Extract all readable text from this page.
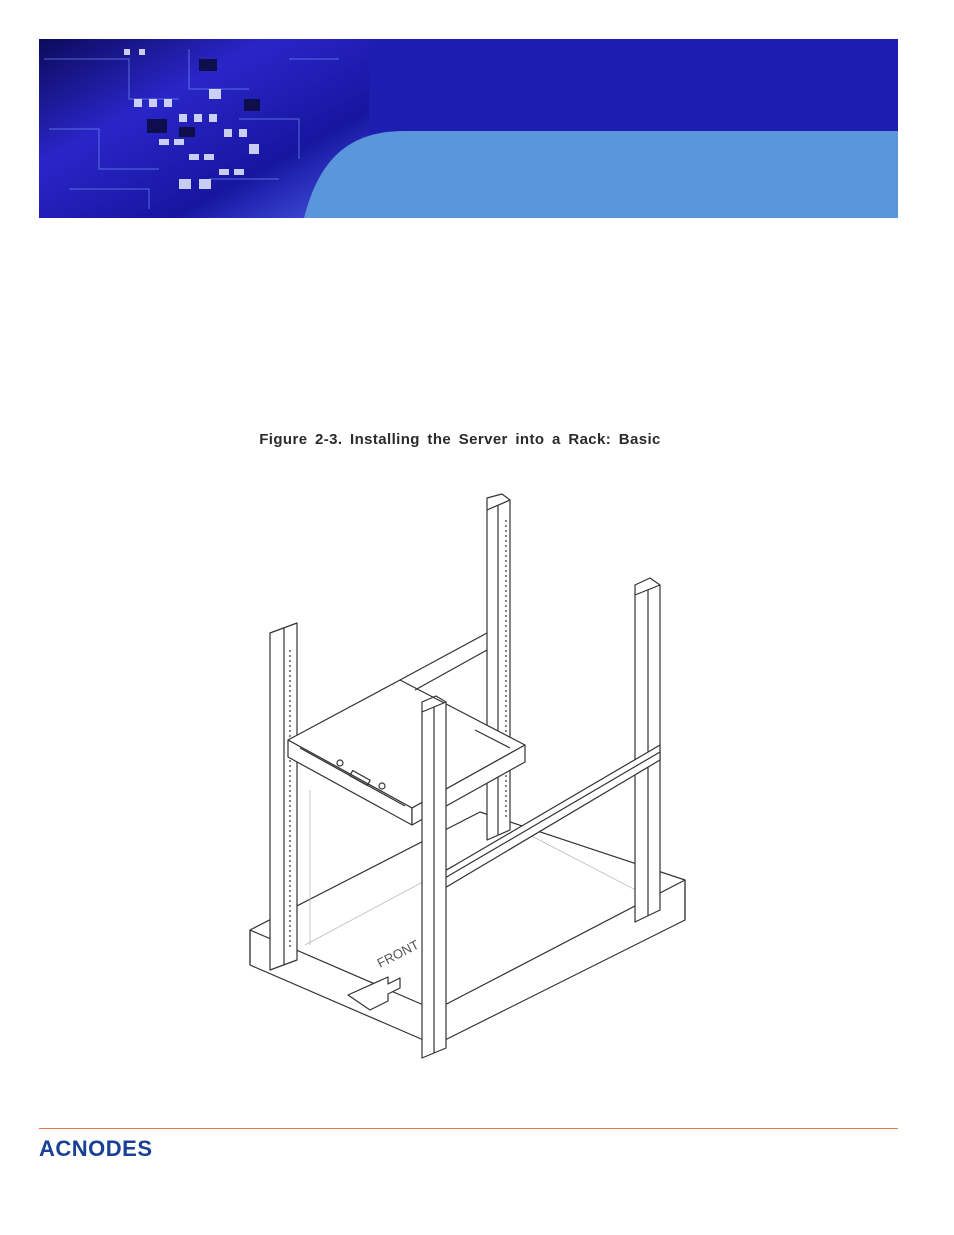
Figure 2-3. Installing the Server into a Rack: Basic
FRONT
ACNODES
